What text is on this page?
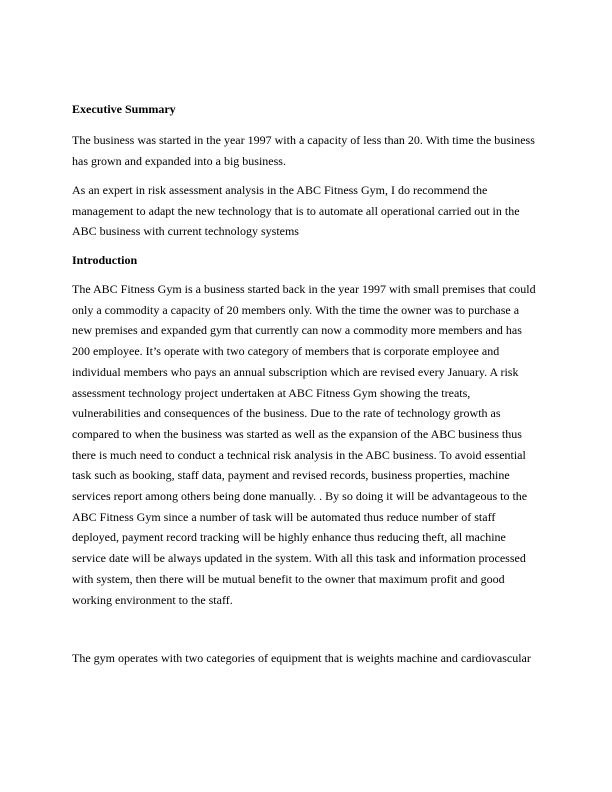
Executive Summary
The business was started in the year 1997 with a capacity of less than 20. With time the business
has grown and expanded into a big business.
As an expert in risk assessment analysis in the ABC Fitness Gym, I do recommend the
management to adapt the new technology that is to automate all operational carried out in the
ABC business with current technology systems
Introduction
The ABC Fitness Gym is a business started back in the year 1997 with small premises that could
only a commodity a capacity of 20 members only. With the time the owner was to purchase a
new premises and expanded gym that currently can now a commodity more members and has
200 employee. It’s operate with two category of members that is corporate employee and
individual members who pays an annual subscription which are revised every January. A risk
assessment technology project undertaken at ABC Fitness Gym showing the treats,
vulnerabilities and consequences of the business. Due to the rate of technology growth as
compared to when the business was started as well as the expansion of the ABC business thus
there is much need to conduct a technical risk analysis in the ABC business. To avoid essential
task such as booking, staff data, payment and revised records, business properties, machine
services report among others being done manually. . By so doing it will be advantageous to the
ABC Fitness Gym since a number of task will be automated thus reduce number of staff
deployed, payment record tracking will be highly enhance thus reducing theft, all machine
service date will be always updated in the system. With all this task and information processed
with system, then there will be mutual benefit to the owner that maximum profit and good
working environment to the staff.
The gym operates with two categories of equipment that is weights machine and cardiovascular
